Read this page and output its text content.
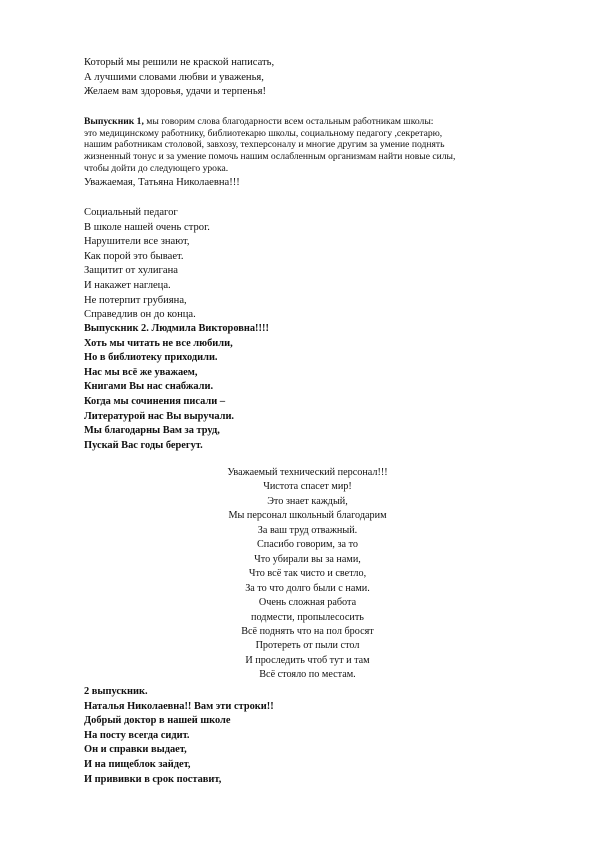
Который мы решили не краской написать,
А лучшими словами любви и уваженья,
Желаем вам здоровья, удачи и терпенья!
Выпускник 1, мы говорим слова благодарности всем остальным работникам школы:
это медицинскому работнику, библиотекарю школы, социальному педагогу ,секретарю,
нашим работникам столовой, завхозу, техперсоналу и многие другим за умение поднять
жизненный тонус и за умение помочь нашим ослабленным организмам найти новые силы,
чтобы дойти до следующего урока.
Уважаемая, Татьяна Николаевна!!!
Социальный педагог
В школе нашей очень строг.
Нарушители все знают,
Как порой это бывает.
Защитит от хулигана
И накажет наглеца.
Не потерпит грубияна,
Справедлив он до конца.
Выпускник 2. Людмила Викторовна!!!!
Хоть мы читать не все любили,
Но в библиотеку приходили.
Нас мы всё же уважаем,
Книгами Вы нас снабжали.
Когда мы сочинения писали –
Литературой нас Вы выручали.
Мы благодарны Вам за труд,
Пускай Вас годы берегут.
Уважаемый технический персонал!!!
Чистота спасет мир!
Это знает каждый,
Мы персонал школьный благодарим
За ваш труд отважный.
Спасибо говорим, за то
Что убирали вы за нами,
Что всё так чисто и светло,
За то что долго были с нами.
Очень сложная работа
подмести, пропылесосить
Всё поднять что на пол бросят
Протереть от пыли стол
И проследить чтоб тут и там
Всё стояло по местам.
2 выпускник.
Наталья Николаевна!! Вам эти строки!!
Добрый доктор в нашей школе
На посту всегда сидит.
Он и справки выдает,
И на пищеблок зайдет,
И прививки в срок поставит,
